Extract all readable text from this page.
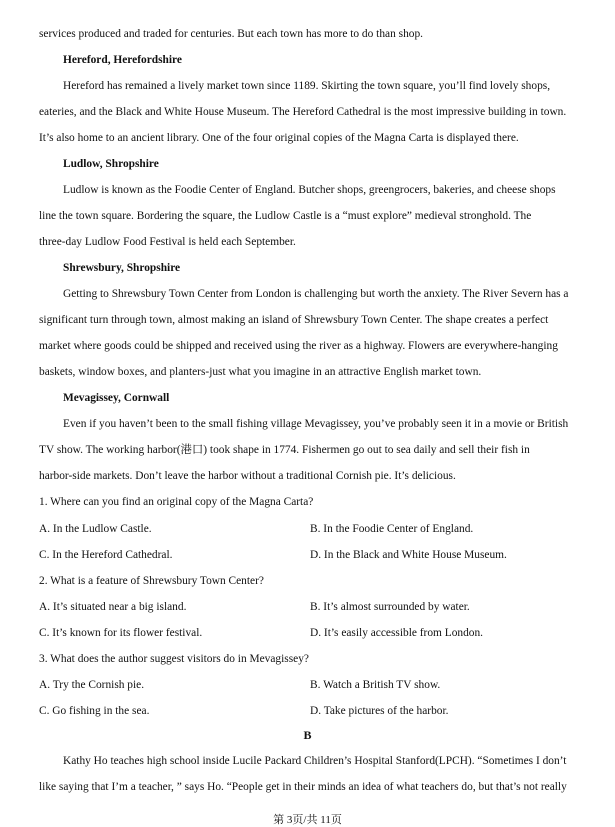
services produced and traded for centuries. But each town has more to do than shop.
Hereford, Herefordshire
Hereford has remained a lively market town since 1189. Skirting the town square, you’ll find lovely shops,
eateries, and the Black and White House Museum. The Hereford Cathedral is the most impressive building in town.
It’s also home to an ancient library. One of the four original copies of the Magna Carta is displayed there.
Ludlow, Shropshire
Ludlow is known as the Foodie Center of England. Butcher shops, greengrocers, bakeries, and cheese shops
line the town square. Bordering the square, the Ludlow Castle is a “must explore” medieval stronghold. The
three-day Ludlow Food Festival is held each September.
Shrewsbury, Shropshire
Getting to Shrewsbury Town Center from London is challenging but worth the anxiety. The River Severn has a
significant turn through town, almost making an island of Shrewsbury Town Center. The shape creates a perfect
market where goods could be shipped and received using the river as a highway. Flowers are everywhere-hanging
baskets, window boxes, and planters-just what you imagine in an attractive English market town.
Mevagissey, Cornwall
Even if you haven’t been to the small fishing village Mevagissey, you’ve probably seen it in a movie or British
TV show. The working harbor(港口) took shape in 1774. Fishermen go out to sea daily and sell their fish in
harbor-side markets. Don’t leave the harbor without a traditional Cornish pie. It’s delicious.
1. Where can you find an original copy of the Magna Carta?
A. In the Ludlow Castle.	B. In the Foodie Center of England.
C. In the Hereford Cathedral.	D. In the Black and White House Museum.
2. What is a feature of Shrewsbury Town Center?
A. It’s situated near a big island.	B. It’s almost surrounded by water.
C. It’s known for its flower festival.	D. It’s easily accessible from London.
3. What does the author suggest visitors do in Mevagissey?
A. Try the Cornish pie.	B. Watch a British TV show.
C. Go fishing in the sea.	D. Take pictures of the harbor.
B
Kathy Ho teaches high school inside Lucile Packard Children’s Hospital Stanford(LPCH). “Sometimes I don’t
like saying that I’m a teacher, ” says Ho. “People get in their minds an idea of what teachers do, but that’s not really
第 3页/共 11页
